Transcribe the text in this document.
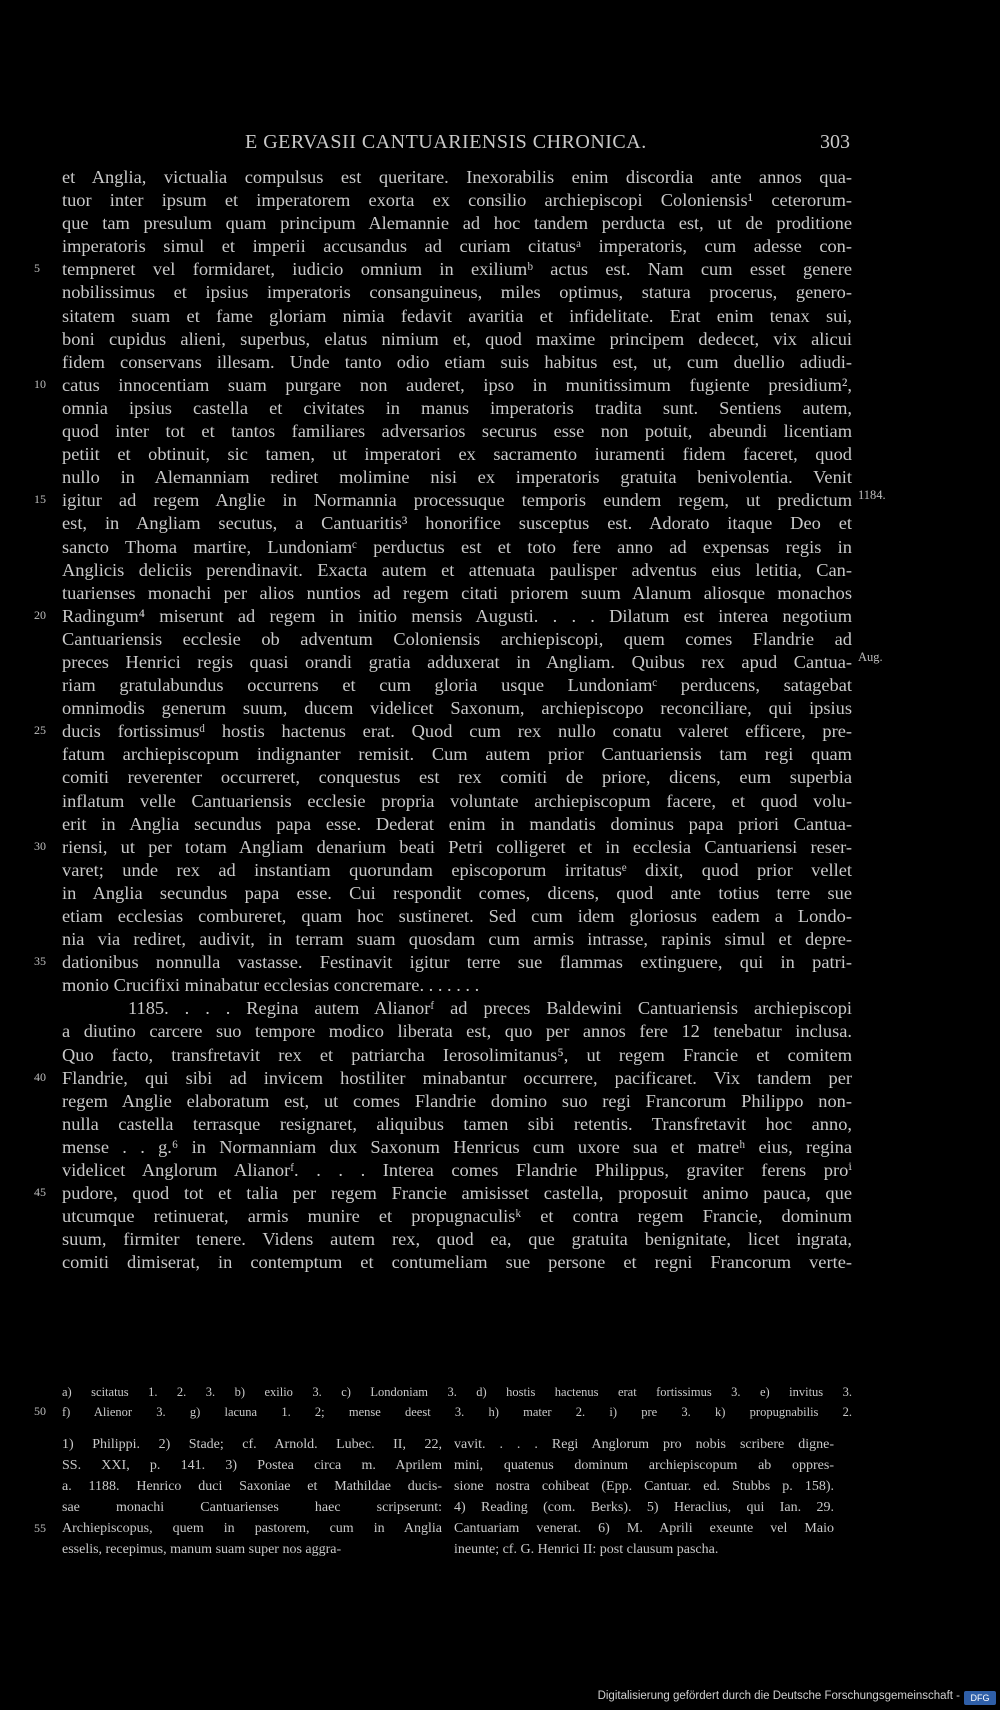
E GERVASII CANTUARIENSIS CHRONICA.	303
et Anglia, victualia compulsus est queritare. Inexorabilis enim discordia ante annos qua-
tuor inter ipsum et imperatorem exorta ex consilio archiepiscopi Coloniensis¹ ceterorum-
que tam presulum quam principum Alemannie ad hoc tandem perducta est, ut de proditione
imperatoris simul et imperii accusandus ad curiam citatusᵃ imperatoris, cum adesse con-
tempneret vel formidaret, iudicio omnium in exiliumᵇ actus est. Nam cum esset genere
nobilissimus et ipsius imperatoris consanguineus, miles optimus, statura procerus, genero-
sitatem suam et fame gloriam nimia fedavit avaritia et infidelitate. Erat enim tenax sui,
boni cupidus alieni, superbus, elatus nimium et, quod maxime principem dedecet, vix alicui
fidem conservans illesam. Unde tanto odio etiam suis habitus est, ut, cum duellio adiudi-
catus innocentiam suam purgare non auderet, ipso in munitissimum fugiente presidium²,
omnia ipsius castella et civitates in manus imperatoris tradita sunt. Sentiens autem,
quod inter tot et tantos familiares adversarios securus esse non potuit, abeundi licentiam
petiit et obtinuit, sic tamen, ut imperatori ex sacramento iuramenti fidem faceret, quod
nullo in Alemanniam rediret molimine nisi ex imperatoris gratuita benivolentia. Venit
igitur ad regem Anglie in Normannia processuque temporis eundem regem, ut predictum
est, in Angliam secutus, a Cantuaritis³ honorifice susceptus est. Adorato itaque Deo et
sancto Thoma martire, Lundoniamᶜ perductus est et toto fere anno ad expensas regis in
Anglicis deliciis perendinavit. Exacta autem et attenuata paulisper adventus eius letitia, Can-
tuarienses monachi per alios nuntios ad regem citati priorem suum Alanum aliosque monachos
Radingum⁴ miserunt ad regem in initio mensis Augusti. . . . Dilatum est interea negotium
Cantuariensis ecclesie ob adventum Coloniensis archiepiscopi, quem comes Flandrie ad
preces Henrici regis quasi orandi gratia adduxerat in Angliam. Quibus rex apud Cantua-
riam gratulabundus occurrens et cum gloria usque Lundoniamᶜ perducens, satagebat
omnimodis generum suum, ducem videlicet Saxonum, archiepiscopo reconciliare, qui ipsius
ducis fortissimusᵈ hostis hactenus erat. Quod cum rex nullo conatu valeret efficere, pre-
fatum archiepiscopum indignanter remisit. Cum autem prior Cantuariensis tam regi quam
comiti reverenter occurreret, conquestus est rex comiti de priore, dicens, eum superbia
inflatum velle Cantuariensis ecclesie propria voluntate archiepiscopum facere, et quod volu-
erit in Anglia secundus papa esse. Dederat enim in mandatis dominus papa priori Cantua-
riensi, ut per totam Angliam denarium beati Petri colligeret et in ecclesia Cantuariensi reser-
varet; unde rex ad instantiam quorundam episcoporum irritatusᵉ dixit, quod prior vellet
in Anglia secundus papa esse. Cui respondit comes, dicens, quod ante totius terre sue
etiam ecclesias combureret, quam hoc sustineret. Sed cum idem gloriosus eadem a Londo-
nia via rediret, audivit, in terram suam quosdam cum armis intrasse, rapinis simul et depre-
dationibus nonnulla vastasse. Festinavit igitur terre sue flammas extinguere, qui in patri-
monio Crucifixi minabatur ecclesias concremare. . . . . . .
1185. . . . Regina autem Alianorᶠ ad preces Baldewini Cantuariensis archiepiscopi
a diutino carcere suo tempore modico liberata est, quo per annos fere 12 tenebatur inclusa.
Quo facto, transfretavit rex et patriarcha Ierosolimitanus⁵, ut regem Francie et comitem
Flandrie, qui sibi ad invicem hostiliter minabantur occurrere, pacificaret. Vix tandem per
regem Anglie elaboratum est, ut comes Flandrie domino suo regi Francorum Philippo non-
nulla castella terrasque resignaret, aliquibus tamen sibi retentis. Transfretavit hoc anno,
mense . . g.⁶ in Normanniam dux Saxonum Henricus cum uxore sua et matreʰ eius, regina
videlicet Anglorum Alianorᶠ. . . . Interea comes Flandrie Philippus, graviter ferens proⁱ
pudore, quod tot et talia per regem Francie amisisset castella, proposuit animo pauca, que
utcumque retinuerat, armis munire et propugnaculisᵏ et contra regem Francie, dominum
suum, firmiter tenere. Videns autem rex, quod ea, que gratuita benignitate, licet ingrata,
comiti dimiserat, in contemptum et contumeliam sue persone et regni Francorum verte-
5
10
15
20
25
30
35
40
45
1184.
Aug.
a) scitatus 1. 2. 3. b) exilio 3. c) Londoniam 3. d) hostis hactenus erat fortissimus 3. e) invitus 3.
f) Alienor 3. g) lacuna 1. 2; mense deest 3. h) mater 2. i) pre 3. k) propugnabilis 2.
50
1) Philippi. 2) Stade; cf. Arnold. Lubec. II, 22,
SS. XXI, p. 141. 3) Postea circa m. Aprilem
a. 1188. Henrico duci Saxoniae et Mathildae ducis-
sae monachi Cantuarienses haec scripserunt:
Archiepiscopus, quem in pastorem, cum in Anglia
esselis, recepimus, manum suam super nos aggra-
vavit. . . . Regi Anglorum pro nobis scribere digne-
mini, quatenus dominum archiepiscopum ab oppres-
sione nostra cohibeat (Epp. Cantuar. ed. Stubbs p. 158).
4) Reading (com. Berks). 5) Heraclius, qui Ian. 29.
Cantuariam venerat. 6) M. Aprili exeunte vel Maio
ineunte; cf. G. Henrici II: post clausum pascha.
55
Digitalisierung gefördert durch die Deutsche Forschungsgemeinschaft -	DFG
